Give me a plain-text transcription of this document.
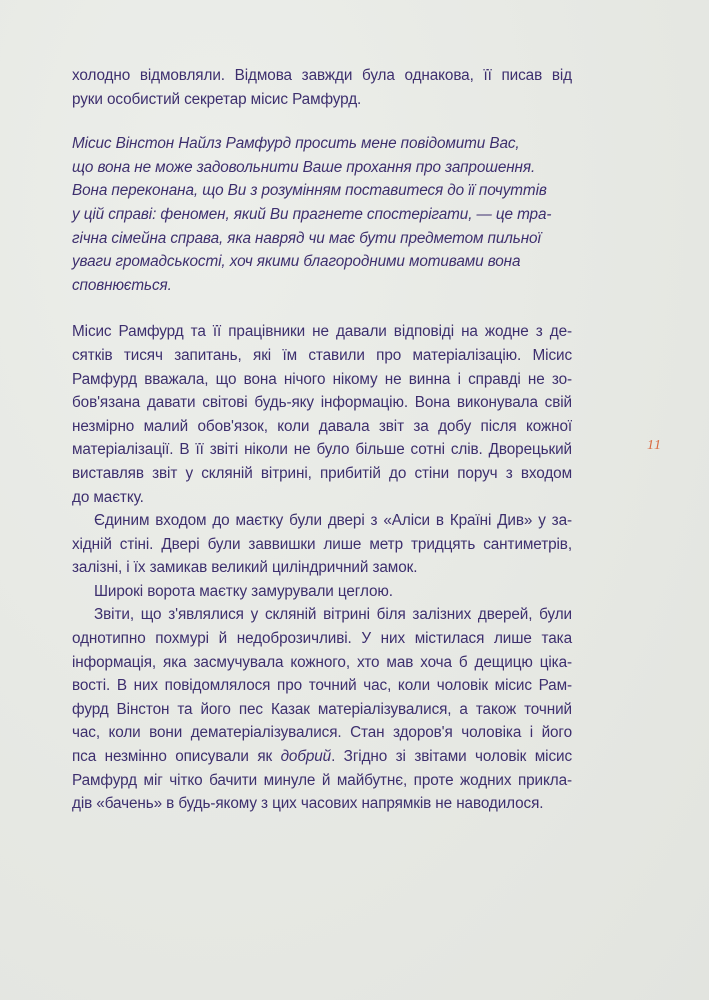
холодно відмовляли. Відмова завжди була однакова, її писав від
руки особистий секретар місис Рамфурд.
Місис Вінстон Найлз Рамфурд просить мене повідомити Вас,
що вона не може задовольнити Ваше прохання про запрошення.
Вона переконана, що Ви з розумінням поставитеся до її почуттів
у цій справі: феномен, який Ви прагнете спостерігати, — це тра-
гічна сімейна справа, яка навряд чи має бути предметом пильної
уваги громадськості, хоч якими благородними мотивами вона
сповнюється.
Місис Рамфурд та її працівники не давали відповіді на жодне з де-
сятків тисяч запитань, які їм ставили про матеріалізацію. Місис
Рамфурд вважала, що вона нічого нікому не винна і справді не зо-
бов'язана давати світові будь-яку інформацію. Вона виконувала свій
незмірно малий обов'язок, коли давала звіт за добу після кожної
матеріалізації. В її звіті ніколи не було більше сотні слів. Дворецький
виставляв звіт у скляній вітрині, прибитій до стіни поруч з входом
до маєтку.
Єдиним входом до маєтку були двері з «Аліси в Країні Див» у за-
хідній стіні. Двері були заввишки лише метр тридцять сантиметрів,
залізні, і їх замикав великий циліндричний замок.
Широкі ворота маєтку замурували цеглою.
Звіти, що з'являлися у скляній вітрині біля залізних дверей, були
однотипно похмурі й недоброзичливі. У них містилася лише така
інформація, яка засмучувала кожного, хто мав хоча б дещицю ціка-
вості. В них повідомлялося про точний час, коли чоловік місис Рам-
фурд Вінстон та його пес Казак матеріалізувалися, а також точний
час, коли вони дематеріалізувалися. Стан здоров'я чоловіка і його
пса незмінно описували як добрий. Згідно зі звітами чоловік місис
Рамфурд міг чітко бачити минуле й майбутнє, проте жодних прикла-
дів «бачень» в будь-якому з цих часових напрямків не наводилося.
11
